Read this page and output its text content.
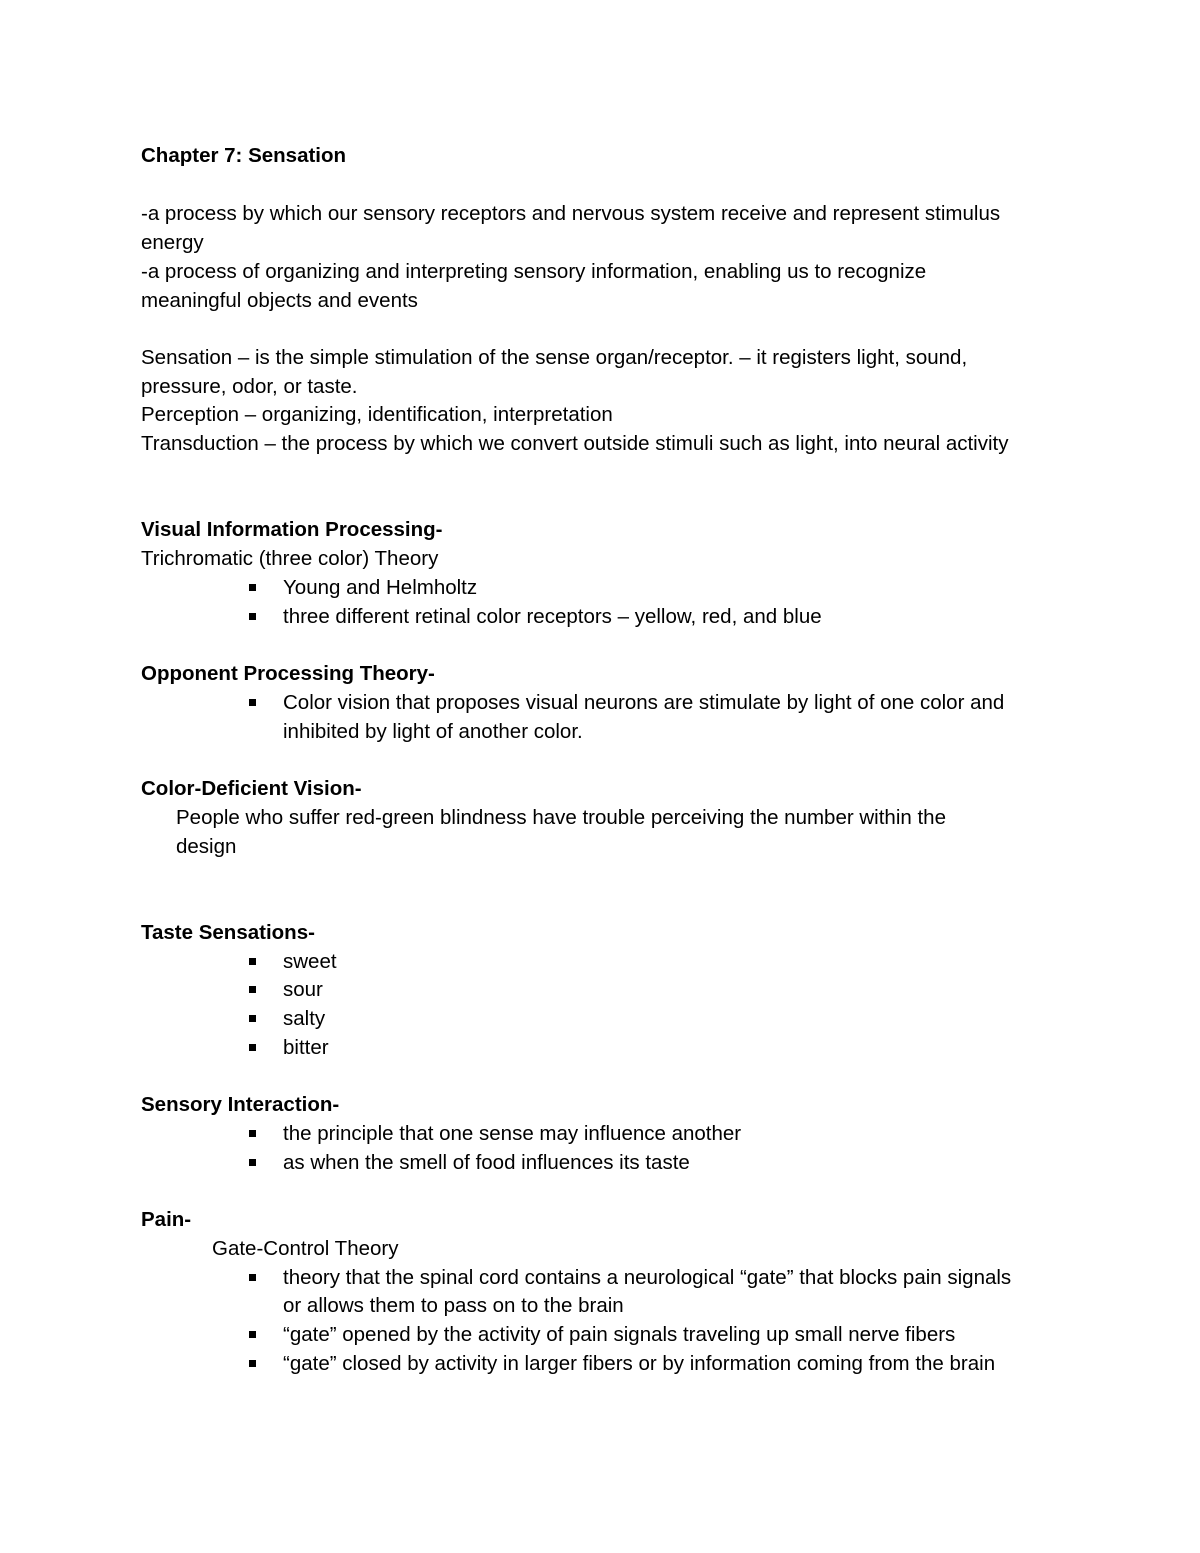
Chapter 7: Sensation
-a process by which our sensory receptors and nervous system receive and represent stimulus
energy
-a process of organizing and interpreting sensory information, enabling us to recognize
meaningful objects and events
Sensation – is the simple stimulation of the sense organ/receptor. – it registers light, sound,
pressure, odor, or taste.
Perception – organizing, identification, interpretation
Transduction – the process by which we convert outside stimuli such as light, into neural activity
Visual Information Processing-
Trichromatic (three color) Theory
Young and Helmholtz
three different retinal color receptors – yellow, red, and blue
Opponent Processing Theory-
Color vision that proposes visual neurons are stimulate by light of one color and
inhibited by light of another color.
Color-Deficient Vision-
People who suffer red-green blindness have trouble perceiving the number within the
design
Taste Sensations-
sweet
sour
salty
bitter
Sensory Interaction-
the principle that one sense may influence another
as when the smell of food influences its taste
Pain-
Gate-Control Theory
theory that the spinal cord contains a neurological “gate” that blocks pain signals
or allows them to pass on to the brain
“gate” opened by the activity of pain signals traveling up small nerve fibers
“gate” closed by activity in larger fibers or by information coming from the brain
